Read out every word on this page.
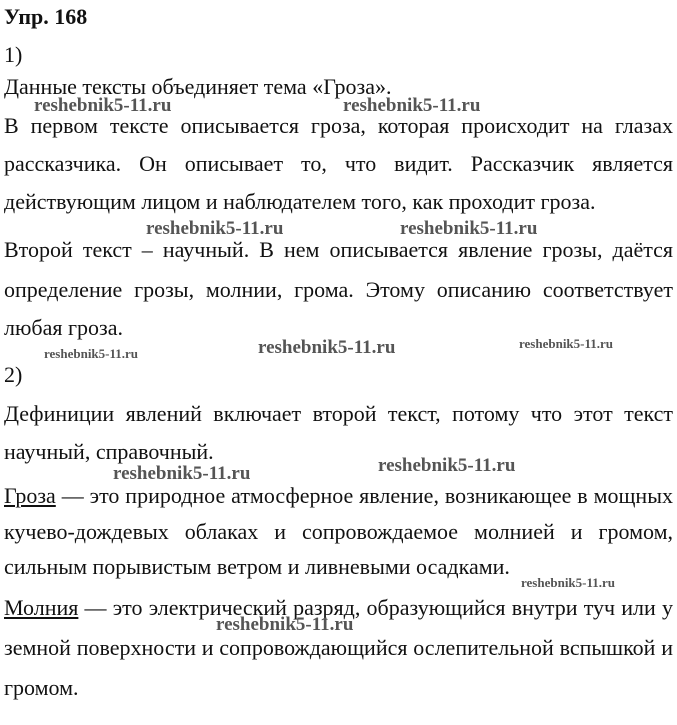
Упр. 168
1)
Данные тексты объединяет тема «Гроза».
В первом тексте описывается гроза, которая происходит на глазах
рассказчика. Он описывает то, что видит. Рассказчик является
действующим лицом и наблюдателем того, как проходит гроза.
Второй текст – научный. В нем описывается явление грозы, даётся
определение грозы, молнии, грома. Этому описанию соответствует
любая гроза.
2)
Дефиниции явлений включает второй текст, потому что этот текст
научный, справочный.
Гроза — это природное атмосферное явление, возникающее в мощных
кучево-дождевых облаках и сопровождаемое молнией и громом,
сильным порывистым ветром и ливневыми осадками.
Молния — это электрический разряд, образующийся внутри туч или у
земной поверхности и сопровождающийся ослепительной вспышкой и
громом.
reshebnik5-11.ru	reshebnik5-11.ru
reshebnik5-11.ru	reshebnik5-11.ru
reshebnik5-11.ru	reshebnik5-11.ru	reshebnik5-11.ru
reshebnik5-11.ru
reshebnik5-11.ru
reshebnik5-11.ru
reshebnik5-11.ru
